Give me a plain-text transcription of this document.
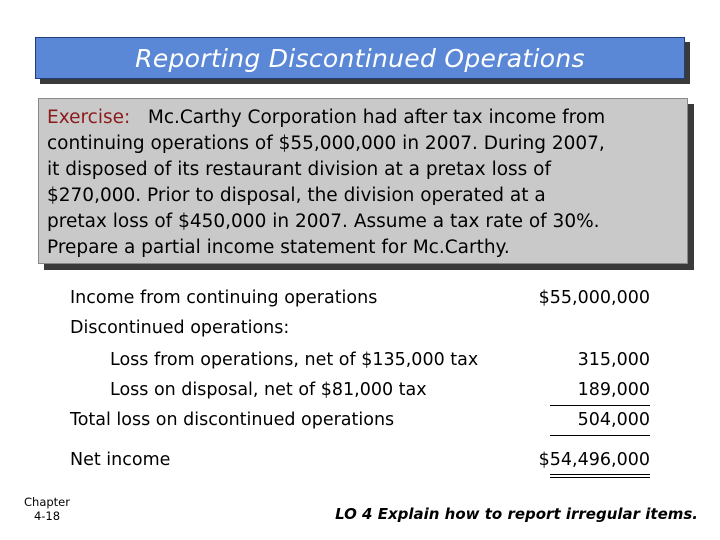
Reporting Discontinued Operations

Exercise: Mc.Carthy Corporation had after tax income from

continuing operations of $55,000,000 in 2007. During 2007,

it disposed of its restaurant division at a pretax loss of

$270,000. Prior to disposal, the division operated at a

pretax loss of $450,000 in 2007. Assume a tax rate of 30%.

Prepare a partial income statement for Mc.Carthy.

Income from continuing operations	$55,000,000
Discontinued operations:
Loss from operations, net of $135,000 tax	315,000
Loss on disposal, net of $81,000 tax	189,000
Total loss on discontinued operations	504,000
Net income	$54,496,000
Chapter
4-18	LO 4 Explain how to report irregular items.
